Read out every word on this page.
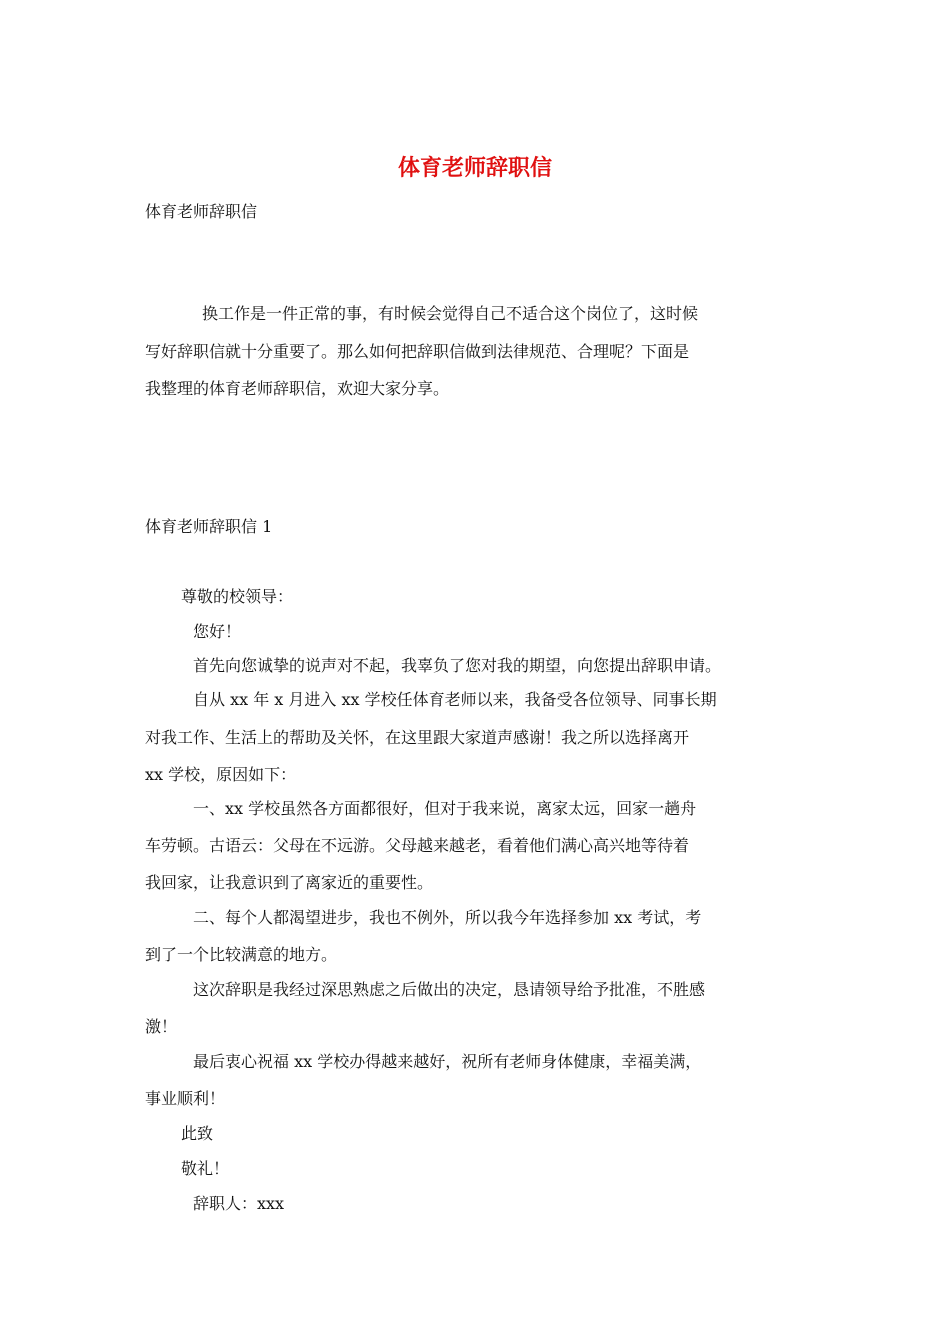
体育老师辞职信
体育老师辞职信
换工作是一件正常的事，有时候会觉得自己不适合这个岗位了，这时候
写好辞职信就十分重要了。那么如何把辞职信做到法律规范、合理呢？下面是
我整理的体育老师辞职信，欢迎大家分享。
体育老师辞职信 1
尊敬的校领导：
您好！
首先向您诚挚的说声对不起，我辜负了您对我的期望，向您提出辞职申请。
自从 xx 年 x 月进入 xx 学校任体育老师以来，我备受各位领导、同事长期
对我工作、生活上的帮助及关怀，在这里跟大家道声感谢！我之所以选择离开
xx 学校，原因如下：
一、xx 学校虽然各方面都很好，但对于我来说，离家太远，回家一趟舟
车劳顿。古语云：父母在不远游。父母越来越老，看着他们满心高兴地等待着
我回家，让我意识到了离家近的重要性。
二、每个人都渴望进步，我也不例外，所以我今年选择参加 xx 考试，考
到了一个比较满意的地方。
这次辞职是我经过深思熟虑之后做出的决定，恳请领导给予批准，不胜感
激！
最后衷心祝福 xx 学校办得越来越好，祝所有老师身体健康，幸福美满，
事业顺利！
此致
敬礼！
辞职人：xxx
